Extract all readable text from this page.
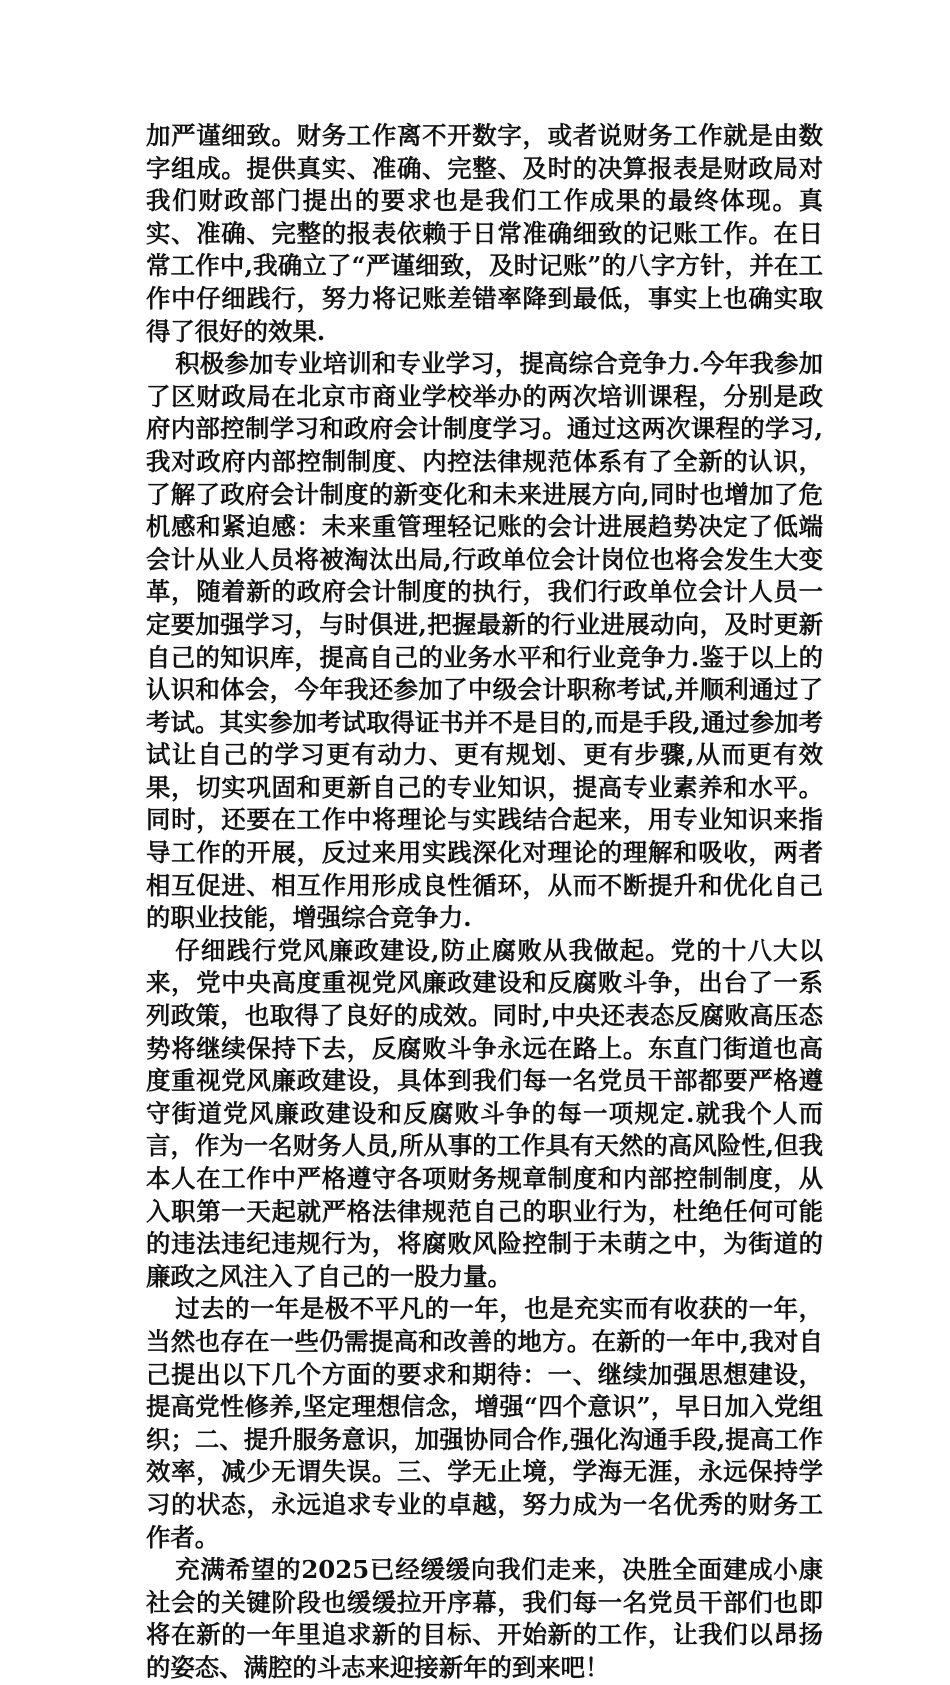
加严谨细致。财务工作离不开数字，或者说财务工作就是由数字组成。提供真实、准确、完整、及时的决算报表是财政局对我们财政部门提出的要求也是我们工作成果的最终体现。真实、准确、完整的报表依赖于日常准确细致的记账工作。在日常工作中,我确立了“严谨细致，及时记账”的八字方针，并在工作中仔细践行，努力将记账差错率降到最低，事实上也确实取得了很好的效果.

积极参加专业培训和专业学习，提高综合竞争力.今年我参加了区财政局在北京市商业学校举办的两次培训课程，分别是政府内部控制学习和政府会计制度学习。通过这两次课程的学习,我对政府内部控制制度、内控法律规范体系有了全新的认识，了解了政府会计制度的新变化和未来进展方向,同时也增加了危机感和紧迫感：未来重管理轻记账的会计进展趋势决定了低端会计从业人员将被淘汰出局,行政单位会计岗位也将会发生大变革，随着新的政府会计制度的执行，我们行政单位会计人员一定要加强学习，与时俱进,把握最新的行业进展动向，及时更新自己的知识库，提高自己的业务水平和行业竞争力.鉴于以上的认识和体会，今年我还参加了中级会计职称考试,并顺利通过了考试。其实参加考试取得证书并不是目的,而是手段,通过参加考试让自己的学习更有动力、更有规划、更有步骤,从而更有效果，切实巩固和更新自己的专业知识，提高专业素养和水平。同时，还要在工作中将理论与实践结合起来，用专业知识来指导工作的开展，反过来用实践深化对理论的理解和吸收，两者相互促进、相互作用形成良性循环，从而不断提升和优化自己的职业技能，增强综合竞争力.

仔细践行党风廉政建设,防止腐败从我做起。党的十八大以来，党中央高度重视党风廉政建设和反腐败斗争，出台了一系列政策，也取得了良好的成效。同时,中央还表态反腐败高压态势将继续保持下去，反腐败斗争永远在路上。东直门街道也高度重视党风廉政建设，具体到我们每一名党员干部都要严格遵守街道党风廉政建设和反腐败斗争的每一项规定.就我个人而言，作为一名财务人员,所从事的工作具有天然的高风险性,但我本人在工作中严格遵守各项财务规章制度和内部控制制度，从入职第一天起就严格法律规范自己的职业行为，杜绝任何可能的违法违纪违规行为，将腐败风险控制于未萌之中，为街道的廉政之风注入了自己的一股力量。

过去的一年是极不平凡的一年，也是充实而有收获的一年，当然也存在一些仍需提高和改善的地方。在新的一年中,我对自己提出以下几个方面的要求和期待：一、继续加强思想建设，提高党性修养,坚定理想信念，增强“四个意识”，早日加入党组织；二、提升服务意识，加强协同合作,强化沟通手段,提高工作效率，减少无谓失误。三、学无止境，学海无涯，永远保持学习的状态，永远追求专业的卓越，努力成为一名优秀的财务工作者。

充满希望的2025已经缓缓向我们走来，决胜全面建成小康社会的关键阶段也缓缓拉开序幕，我们每一名党员干部们也即将在新的一年里追求新的目标、开始新的工作，让我们以昂扬的姿态、满腔的斗志来迎接新年的到来吧！
